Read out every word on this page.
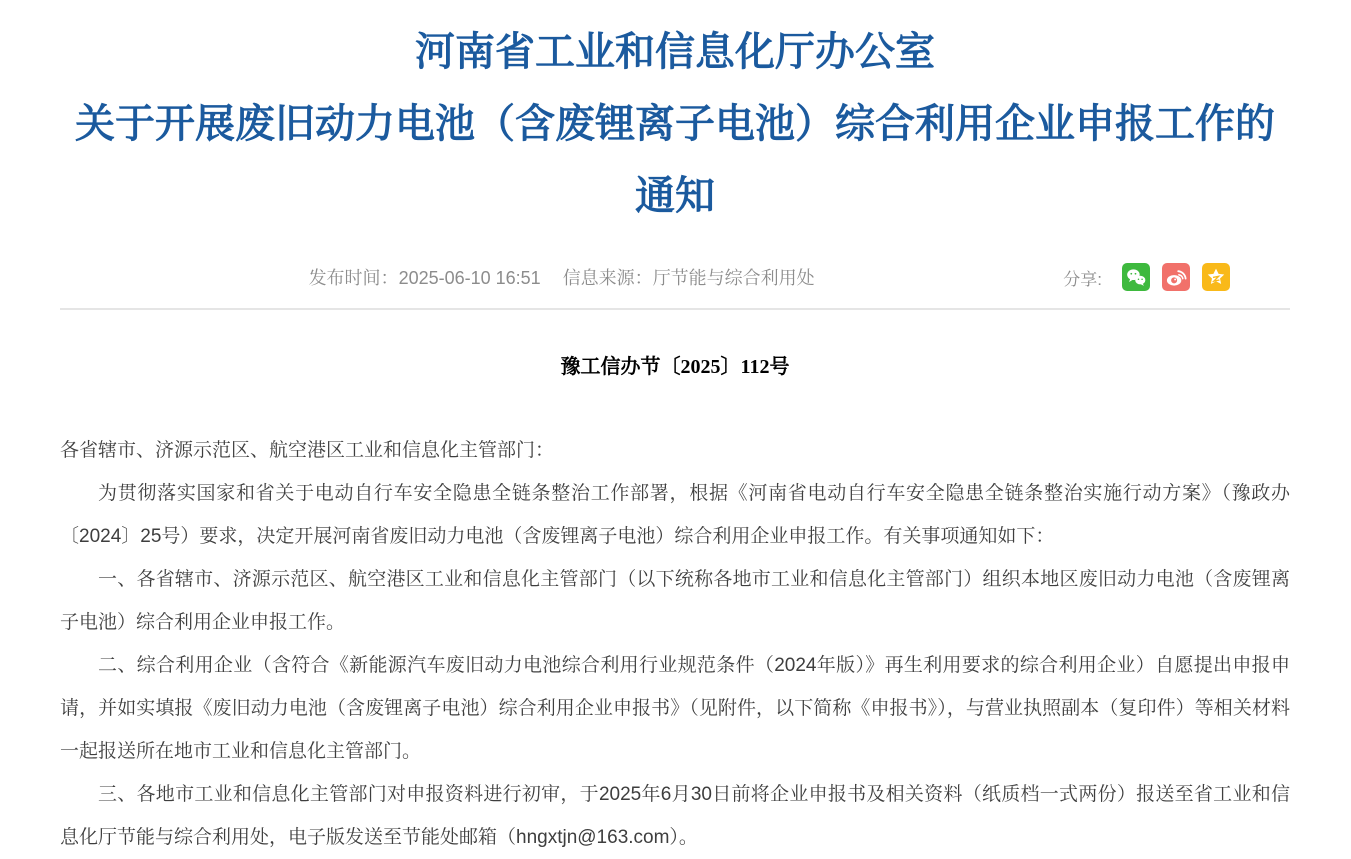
河南省工业和信息化厅办公室
关于开展废旧动力电池（含废锂离子电池）综合利用企业申报工作的通知
发布时间：2025-06-10 16:51 信息来源：厅节能与综合利用处	分享:
豫工信办节〔2025〕112号

各省辖市、济源示范区、航空港区工业和信息化主管部门：

为贯彻落实国家和省关于电动自行车安全隐患全链条整治工作部署，根据《河南省电动自行车安全隐患全链条整治实施行动方案》（豫政办〔2024〕25号）要求，决定开展河南省废旧动力电池（含废锂离子电池）综合利用企业申报工作。有关事项通知如下：

一、各省辖市、济源示范区、航空港区工业和信息化主管部门（以下统称各地市工业和信息化主管部门）组织本地区废旧动力电池（含废锂离子电池）综合利用企业申报工作。

二、综合利用企业（含符合《新能源汽车废旧动力电池综合利用行业规范条件（2024年版）》再生利用要求的综合利用企业）自愿提出申报申请，并如实填报《废旧动力电池（含废锂离子电池）综合利用企业申报书》（见附件，以下简称《申报书》），与营业执照副本（复印件）等相关材料一起报送所在地市工业和信息化主管部门。

三、各地市工业和信息化主管部门对申报资料进行初审，于2025年6月30日前将企业申报书及相关资料（纸质档一式两份）报送至省工业和信息化厅节能与综合利用处，电子版发送至节能处邮箱（hngxtjn@163.com）。
